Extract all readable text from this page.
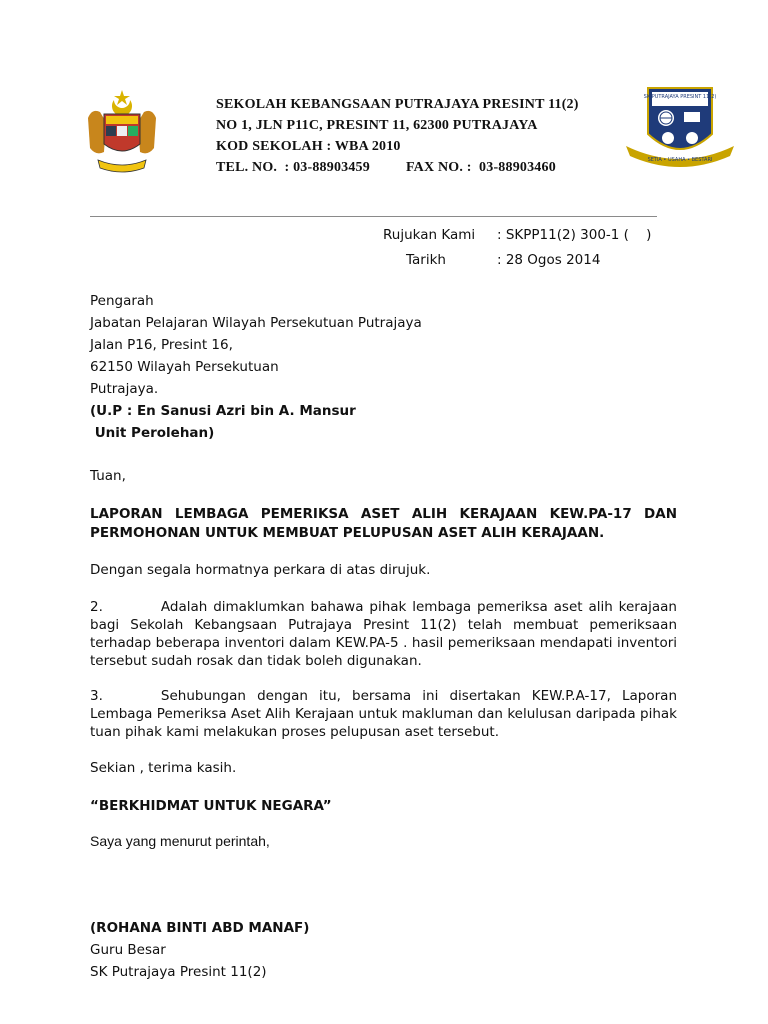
SEKOLAH KEBANGSAAN PUTRAJAYA PRESINT 11(2)
NO 1, JLN P11C, PRESINT 11, 62300 PUTRAJAYA
KOD SEKOLAH : WBA 2010
TEL. NO.  : 03-88903459	FAX NO. :  03-88903460
SK PUTRAJAYA PRESINT 11(2)
SETIA • USAHA • BESTARI
Rujukan Kami : SKPP11(2) 300-1 (    )
Tarikh	: 28 Ogos 2014
Pengarah
Jabatan Pelajaran Wilayah Persekutuan Putrajaya
Jalan P16, Presint 16,
62150 Wilayah Persekutuan
Putrajaya.
(U.P : En Sanusi Azri bin A. Mansur
Unit Perolehan)
Tuan,
LAPORAN LEMBAGA PEMERIKSA ASET ALIH KERAJAAN KEW.PA-17 DAN PERMOHONAN UNTUK MEMBUAT PELUPUSAN ASET ALIH KERAJAAN.
Dengan segala hormatnya perkara di atas dirujuk.
2.	Adalah dimaklumkan bahawa pihak lembaga pemeriksa aset alih kerajaan bagi Sekolah Kebangsaan Putrajaya Presint 11(2) telah membuat pemeriksaan terhadap beberapa inventori dalam KEW.PA-5 . hasil pemeriksaan mendapati inventori tersebut sudah rosak dan tidak boleh digunakan.
3.	Sehubungan dengan itu, bersama ini disertakan KEW.P.A-17, Laporan Lembaga Pemeriksa Aset Alih Kerajaan untuk makluman dan kelulusan daripada pihak tuan pihak kami melakukan proses pelupusan aset tersebut.
Sekian , terima kasih.
“BERKHIDMAT UNTUK NEGARA”
Saya yang menurut perintah,
(ROHANA BINTI ABD MANAF)
Guru Besar
SK Putrajaya Presint 11(2)
